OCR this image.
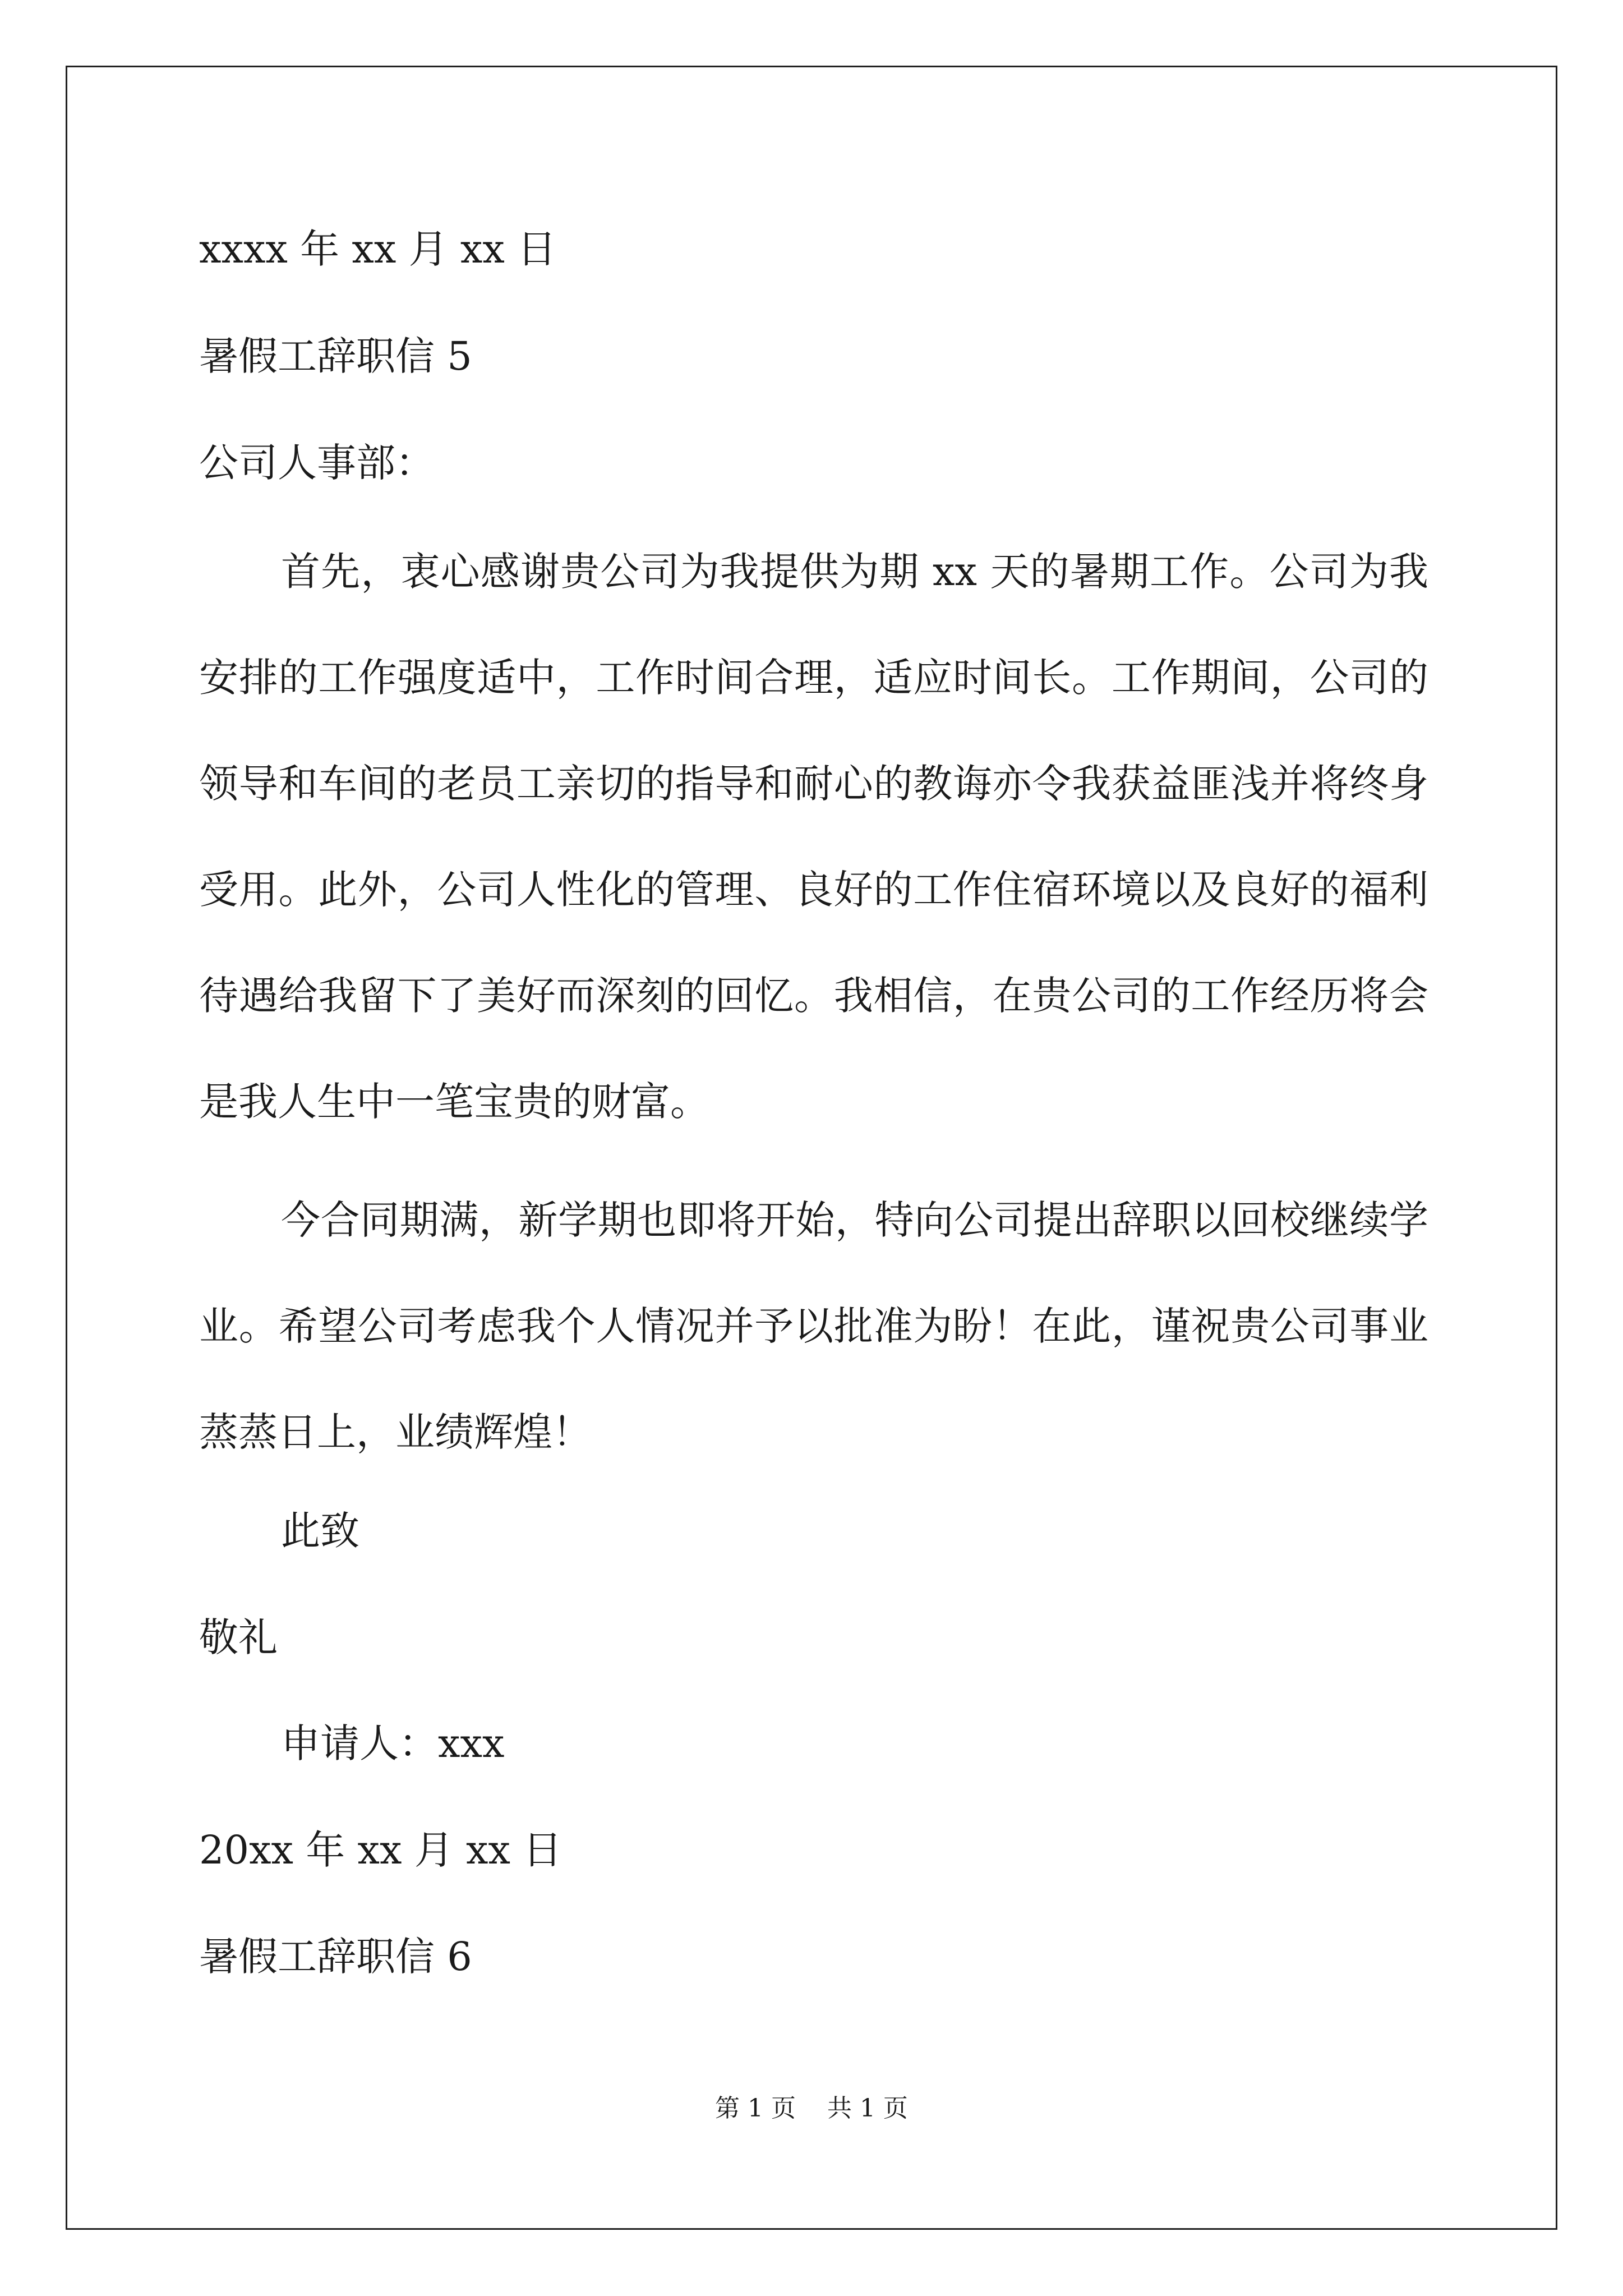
xxxx 年 xx 月 xx 日
暑假工辞职信 5
公司人事部：
首先，衷心感谢贵公司为我提供为期 xx 天的暑期工作。公司为我安排的工作强度适中，工作时间合理，适应时间长。工作期间，公司的领导和车间的老员工亲切的指导和耐心的教诲亦令我获益匪浅并将终身受用。此外，公司人性化的管理、良好的工作住宿环境以及良好的福利待遇给我留下了美好而深刻的回忆。我相信，在贵公司的工作经历将会是我人生中一笔宝贵的财富。
今合同期满，新学期也即将开始，特向公司提出辞职以回校继续学业。希望公司考虑我个人情况并予以批准为盼！在此，谨祝贵公司事业蒸蒸日上，业绩辉煌！
此致
敬礼
申请人：xxx
20xx 年 xx 月 xx 日
暑假工辞职信 6
第 1 页    共 1 页
